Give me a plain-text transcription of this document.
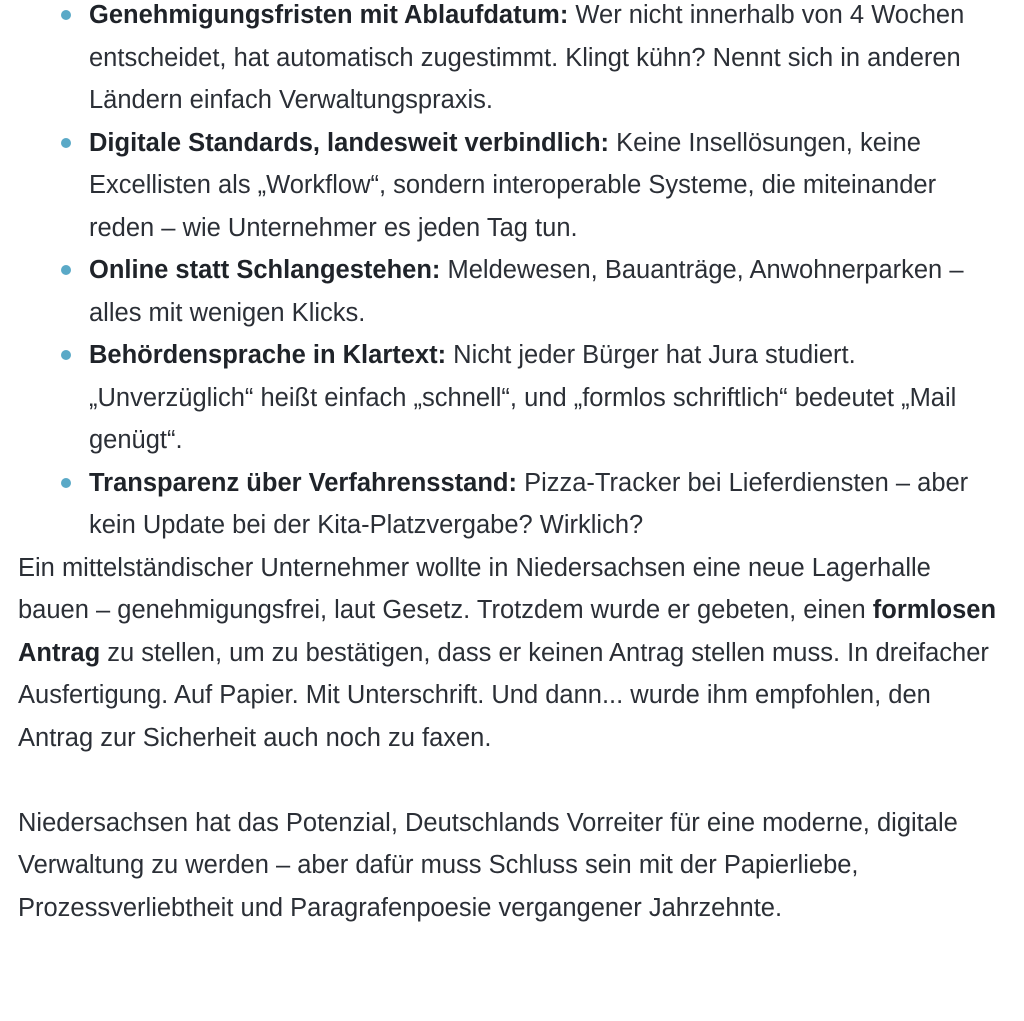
Genehmigungsfristen mit Ablaufdatum: Wer nicht innerhalb von 4 Wochen entscheidet, hat automatisch zugestimmt. Klingt kühn? Nennt sich in anderen Ländern einfach Verwaltungspraxis.
Digitale Standards, landesweit verbindlich: Keine Insellösungen, keine Excellisten als „Workflow“, sondern interoperable Systeme, die miteinander reden – wie Unternehmer es jeden Tag tun.
Online statt Schlangestehen: Meldewesen, Bauanträge, Anwohnerparken – alles mit wenigen Klicks.
Behördensprache in Klartext: Nicht jeder Bürger hat Jura studiert. „Unverzüglich“ heißt einfach „schnell“, und „formlos schriftlich“ bedeutet „Mail genügt“.
Transparenz über Verfahrensstand: Pizza-Tracker bei Lieferdiensten – aber kein Update bei der Kita-Platzvergabe? Wirklich?

Ein mittelständischer Unternehmer wollte in Niedersachsen eine neue Lagerhalle bauen – genehmigungsfrei, laut Gesetz. Trotzdem wurde er gebeten, einen formlosen Antrag zu stellen, um zu bestätigen, dass er keinen Antrag stellen muss. In dreifacher Ausfertigung. Auf Papier. Mit Unterschrift. Und dann... wurde ihm empfohlen, den Antrag zur Sicherheit auch noch zu faxen.

Niedersachsen hat das Potenzial, Deutschlands Vorreiter für eine moderne, digitale Verwaltung zu werden – aber dafür muss Schluss sein mit der Papierliebe, Prozessverliebtheit und Paragrafenpoesie vergangener Jahrzehnte.
